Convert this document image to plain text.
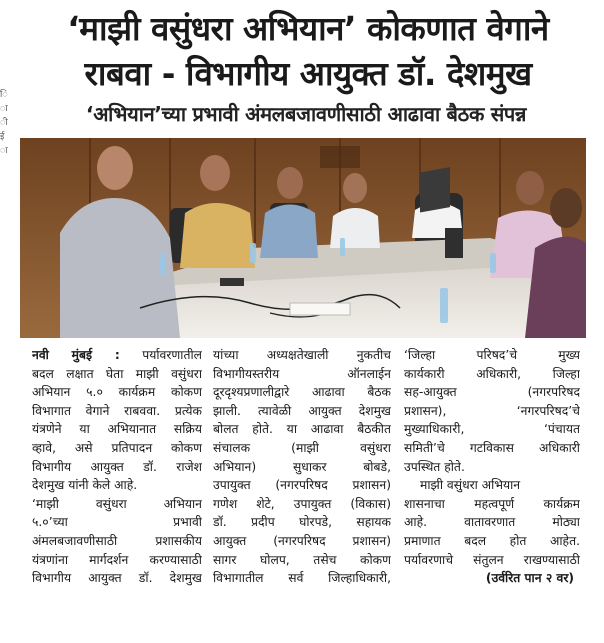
ि
ा
ी
ई
ा
‘माझी वसुंधरा अभियान’ कोकणात वेगाने
राबवा - विभागीय आयुक्त डॉ. देशमुख
‘अभियान’च्या प्रभावी अंमलबजावणीसाठी आढावा बैठक संपन्न
नवी मुंबई : पर्यावरणातील
बदल लक्षात घेता माझी वसुंधरा
अभियान ५.० कार्यक्रम कोकण
विभागात वेगाने राबववा. प्रत्येक
यंत्रणेने या अभियानात सक्रिय
व्हावे, असे प्रतिपादन कोकण
विभागीय आयुक्त डॉ. राजेश
देशमुख यांनी केले आहे.
‘माझी वसुंधरा अभियान
५.०’च्या प्रभावी
अंमलबजावणीसाठी प्रशासकीय
यंत्रणांना मार्गदर्शन करण्यासाठी
विभागीय आयुक्त डॉ. देशमुख
यांच्या अध्यक्षतेखाली नुकतीच
विभागीयस्तरीय ऑनलाईन
दूरदृश्यप्रणालीद्वारे आढावा बैठक
झाली. त्यावेळी आयुक्त देशमुख
बोलत होते. या आढावा बैठकीत
संचालक (माझी वसुंधरा
अभियान) सुधाकर बोबडे,
उपायुक्त (नगरपरिषद प्रशासन)
गणेश शेटे, उपायुक्त (विकास)
डॉ. प्रदीप घोरपडे, सहायक
आयुक्त (नगरपरिषद प्रशासन)
सागर घोलप, तसेच कोकण
विभागातील सर्व जिल्हाधिकारी,
‘जिल्हा परिषद’चे मुख्य
कार्यकारी अधिकारी, जिल्हा
सह-आयुक्त (नगरपरिषद
प्रशासन), ‘नगरपरिषद’चे
मुख्याधिकारी, ‘पंचायत
समिती’चे गटविकास अधिकारी
उपस्थित होते.
माझी वसुंधरा अभियान
शासनाचा महत्वपूर्ण कार्यक्रम
आहे. वातावरणात मोठ्या
प्रमाणात बदल होत आहेत.
पर्यावरणाचे संतुलन राखण्यासाठी
(उर्वरित पान २ वर)
